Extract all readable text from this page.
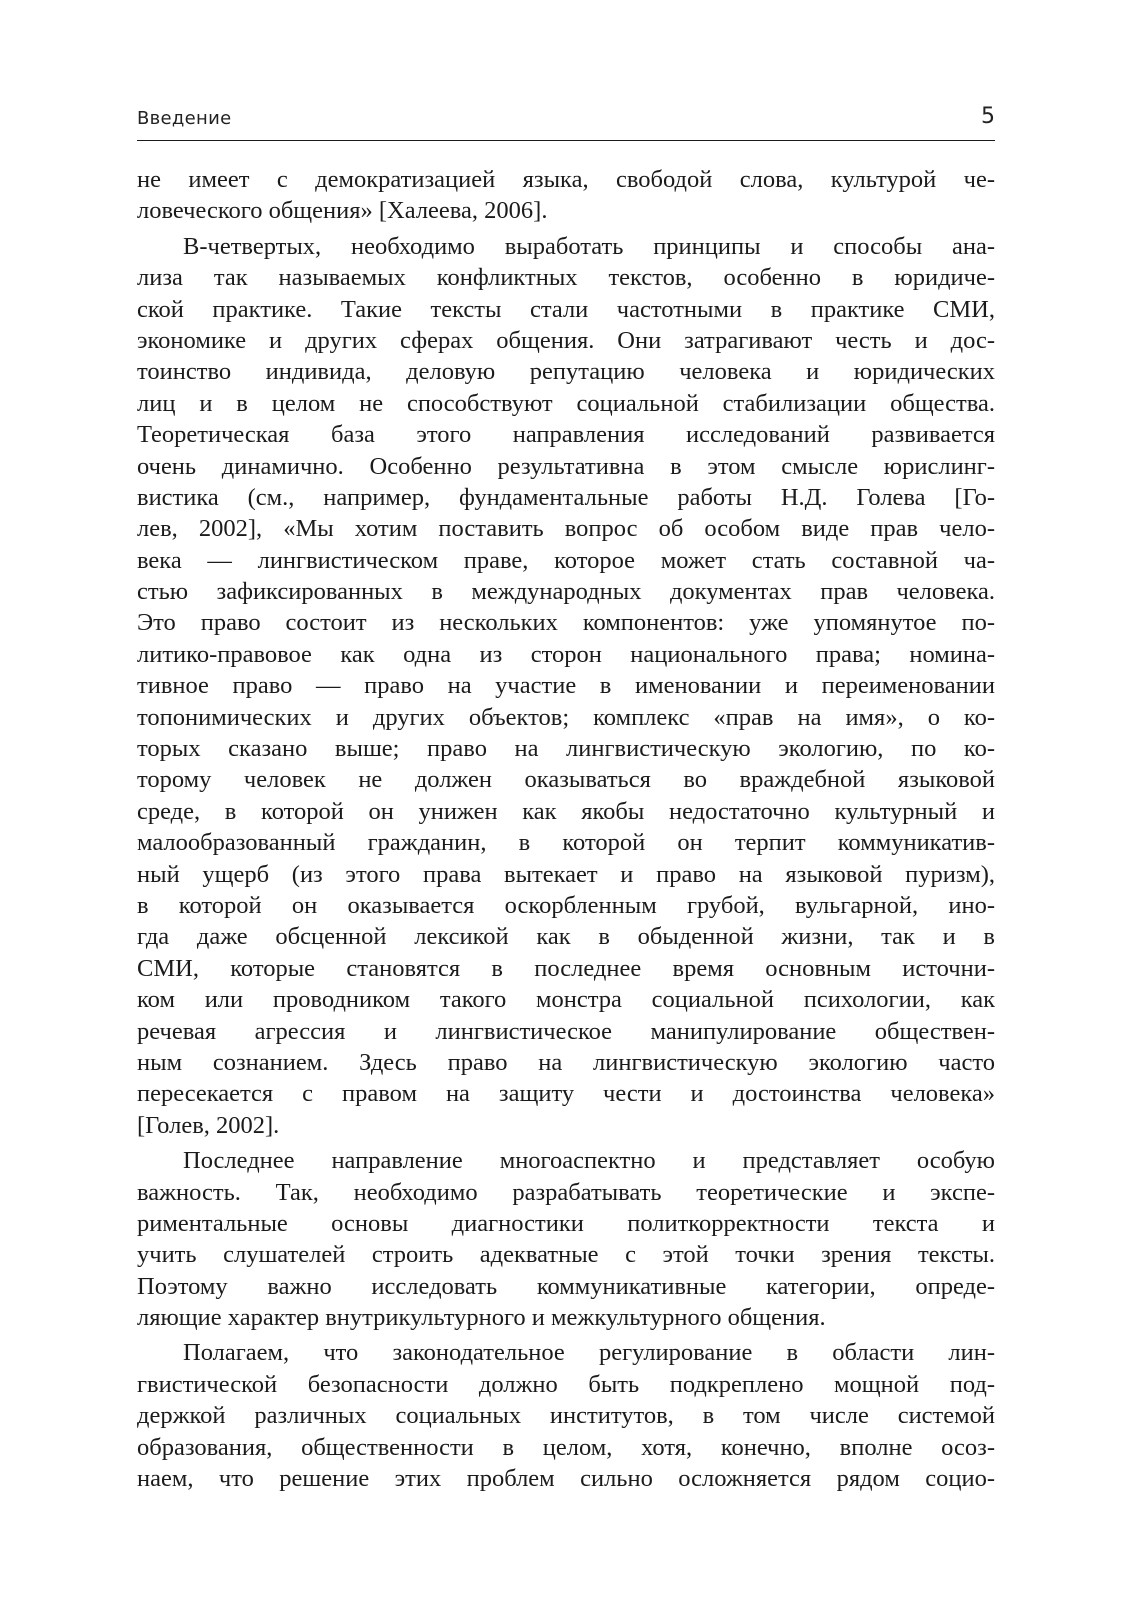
Введение	5
не имеет с демократизацией языка, свободой слова, культурой че-
ловеческого общения» [Халеева, 2006].
В-четвертых, необходимо выработать принципы и способы ана-
лиза так называемых конфликтных текстов, особенно в юридиче-
ской практике. Такие тексты стали частотными в практике СМИ,
экономике и других сферах общения. Они затрагивают честь и дос-
тоинство индивида, деловую репутацию человека и юридических
лиц и в целом не способствуют социальной стабилизации общества.
Теоретическая база этого направления исследований развивается
очень динамично. Особенно результативна в этом смысле юрислинг-
вистика (см., например, фундаментальные работы Н.Д. Голева [Го-
лев, 2002], «Мы хотим поставить вопрос об особом виде прав чело-
века — лингвистическом праве, которое может стать составной ча-
стью зафиксированных в международных документах прав человека.
Это право состоит из нескольких компонентов: уже упомянутое по-
литико-правовое как одна из сторон национального права; номина-
тивное право — право на участие в именовании и переименовании
топонимических и других объектов; комплекс «прав на имя», о ко-
торых сказано выше; право на лингвистическую экологию, по ко-
торому человек не должен оказываться во враждебной языковой
среде, в которой он унижен как якобы недостаточно культурный и
малообразованный гражданин, в которой он терпит коммуникатив-
ный ущерб (из этого права вытекает и право на языковой пуризм),
в которой он оказывается оскорбленным грубой, вульгарной, ино-
гда даже обсценной лексикой как в обыденной жизни, так и в
СМИ, которые становятся в последнее время основным источни-
ком или проводником такого монстра социальной психологии, как
речевая агрессия и лингвистическое манипулирование обществен-
ным сознанием. Здесь право на лингвистическую экологию часто
пересекается с правом на защиту чести и достоинства человека»
[Голев, 2002].
Последнее направление многоаспектно и представляет особую
важность. Так, необходимо разрабатывать теоретические и экспе-
риментальные основы диагностики политкорректности текста и
учить слушателей строить адекватные с этой точки зрения тексты.
Поэтому важно исследовать коммуникативные категории, опреде-
ляющие характер внутрикультурного и межкультурного общения.
Полагаем, что законодательное регулирование в области лин-
гвистической безопасности должно быть подкреплено мощной под-
держкой различных социальных институтов, в том числе системой
образования, общественности в целом, хотя, конечно, вполне осоз-
наем, что решение этих проблем сильно осложняется рядом социо-
